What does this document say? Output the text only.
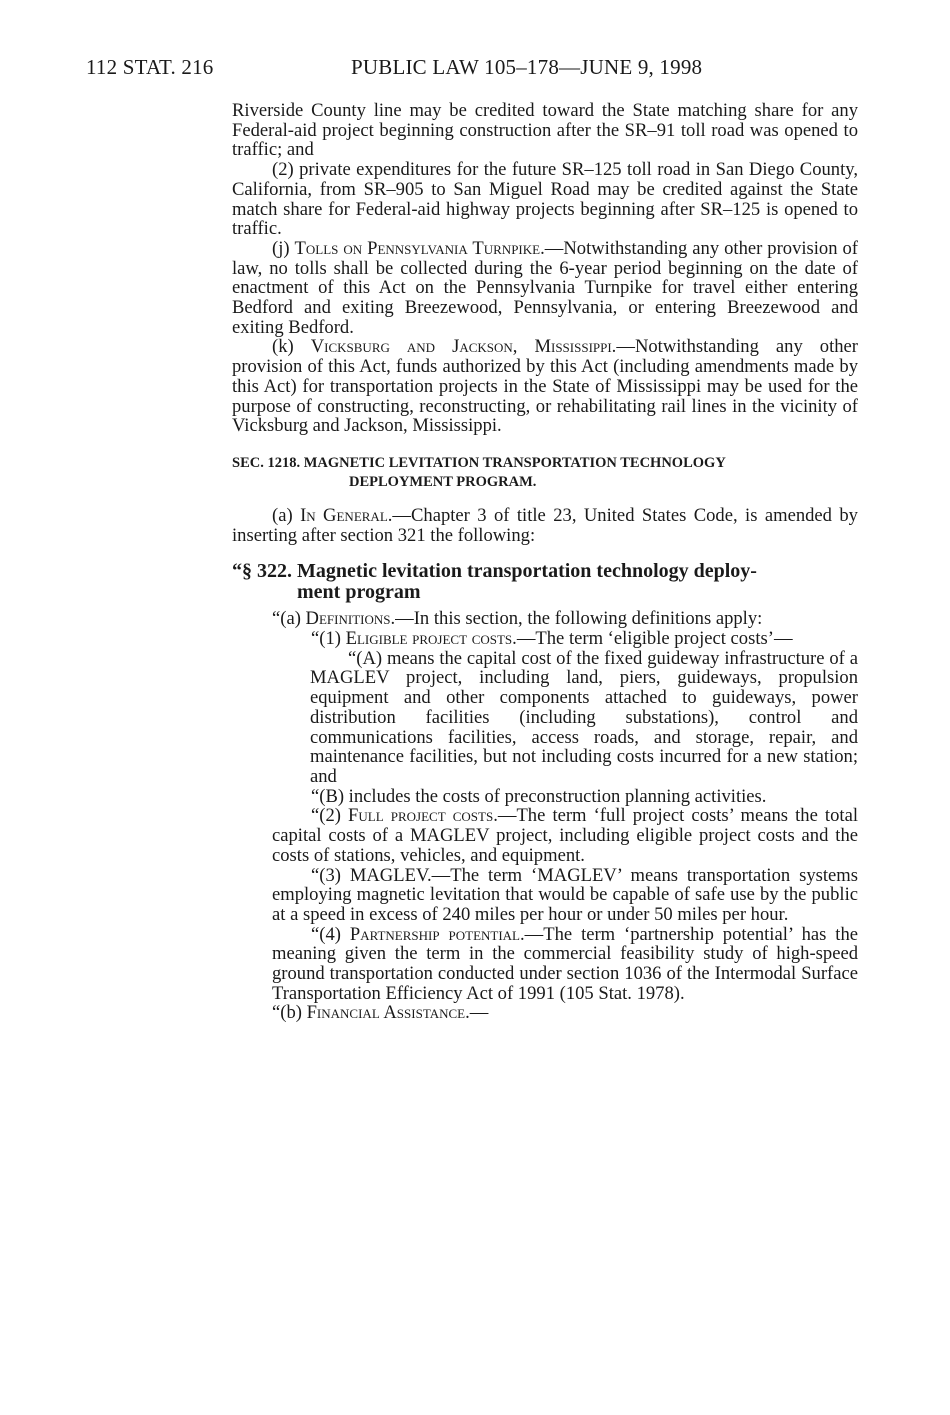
112 STAT. 216	PUBLIC LAW 105–178—JUNE 9, 1998

Riverside County line may be credited toward the State matching share for any Federal-aid project beginning construction after the SR–91 toll road was opened to traffic; and

(2) private expenditures for the future SR–125 toll road in San Diego County, California, from SR–905 to San Miguel Road may be credited against the State match share for Federal-aid highway projects beginning after SR–125 is opened to traffic.

(j) Tolls on Pennsylvania Turnpike.—Notwithstanding any other provision of law, no tolls shall be collected during the 6-year period beginning on the date of enactment of this Act on the Pennsylvania Turnpike for travel either entering Bedford and exiting Breezewood, Pennsylvania, or entering Breezewood and exiting Bedford.

(k) Vicksburg and Jackson, Mississippi.—Notwithstanding any other provision of this Act, funds authorized by this Act (including amendments made by this Act) for transportation projects in the State of Mississippi may be used for the purpose of constructing, reconstructing, or rehabilitating rail lines in the vicinity of Vicksburg and Jackson, Mississippi.

SEC. 1218. MAGNETIC LEVITATION TRANSPORTATION TECHNOLOGY
DEPLOYMENT PROGRAM.

(a) In General.—Chapter 3 of title 23, United States Code, is amended by inserting after section 321 the following:

“§ 322. Magnetic levitation transportation technology deploy-
ment program

“(a) Definitions.—In this section, the following definitions apply:

“(1) Eligible project costs.—The term ‘eligible project costs’—

“(A) means the capital cost of the fixed guideway infrastructure of a MAGLEV project, including land, piers, guideways, propulsion equipment and other components attached to guideways, power distribution facilities (including substations), control and communications facilities, access roads, and storage, repair, and maintenance facilities, but not including costs incurred for a new station; and

“(B) includes the costs of preconstruction planning activities.

“(2) Full project costs.—The term ‘full project costs’ means the total capital costs of a MAGLEV project, including eligible project costs and the costs of stations, vehicles, and equipment.

“(3) MAGLEV.—The term ‘MAGLEV’ means transportation systems employing magnetic levitation that would be capable of safe use by the public at a speed in excess of 240 miles per hour or under 50 miles per hour.

“(4) Partnership potential.—The term ‘partnership potential’ has the meaning given the term in the commercial feasibility study of high-speed ground transportation conducted under section 1036 of the Intermodal Surface Transportation Efficiency Act of 1991 (105 Stat. 1978).

“(b) Financial Assistance.—
